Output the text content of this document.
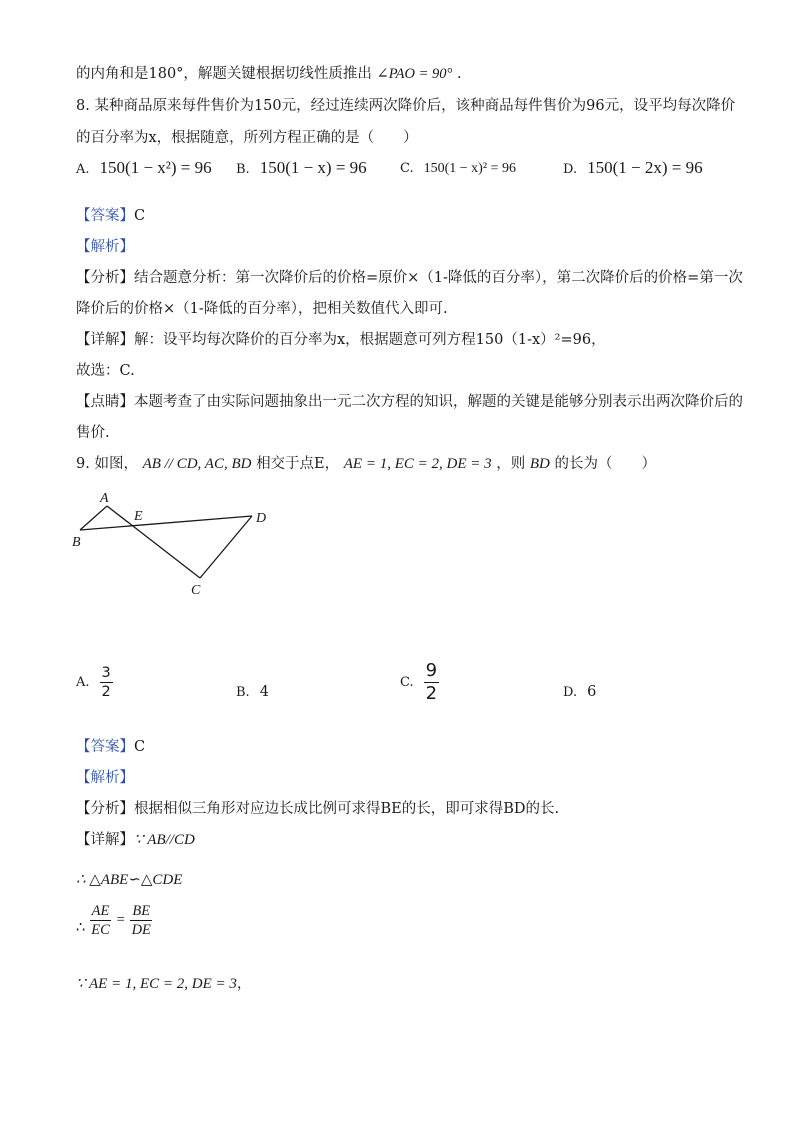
的内角和是180°，解题关键根据切线性质推出 ∠PAO = 90° .
8. 某种商品原来每件售价为150元，经过连续两次降价后，该种商品每件售价为96元，设平均每次降价
的百分率为x，根据随意，所列方程正确的是（　　）
A. 150(1 − x²) = 96 B. 150(1 − x) = 96	C. 150(1 − x)² = 96	D. 150(1 − 2x) = 96
【答案】C
【解析】
【分析】结合题意分析：第一次降价后的价格=原价×（1-降低的百分率），第二次降价后的价格=第一次
降价后的价格×（1-降低的百分率），把相关数值代入即可.
【详解】解：设平均每次降价的百分率为x，根据题意可列方程150（1-x）²=96，
故选：C.
【点睛】本题考查了由实际问题抽象出一元二次方程的知识，解题的关键是能够分别表示出两次降价后的
售价.
9. 如图， AB // CD, AC, BD 相交于点E， AE = 1, EC = 2, DE = 3 ，则 BD 的长为（　　）
A
B
C
D
E
A. $\frac{3}{2}$	B. 4
C. $\frac{9}{2}$	D. 6
【答案】C
【解析】
【分析】根据相似三角形对应边长成比例可求得BE的长，即可求得BD的长.
【详解】∵ AB//CD
∴ △ABE∽△CDE
∴ $\frac{AE}{EC} = \frac{BE}{DE}$
∵ AE = 1, EC = 2, DE = 3，
